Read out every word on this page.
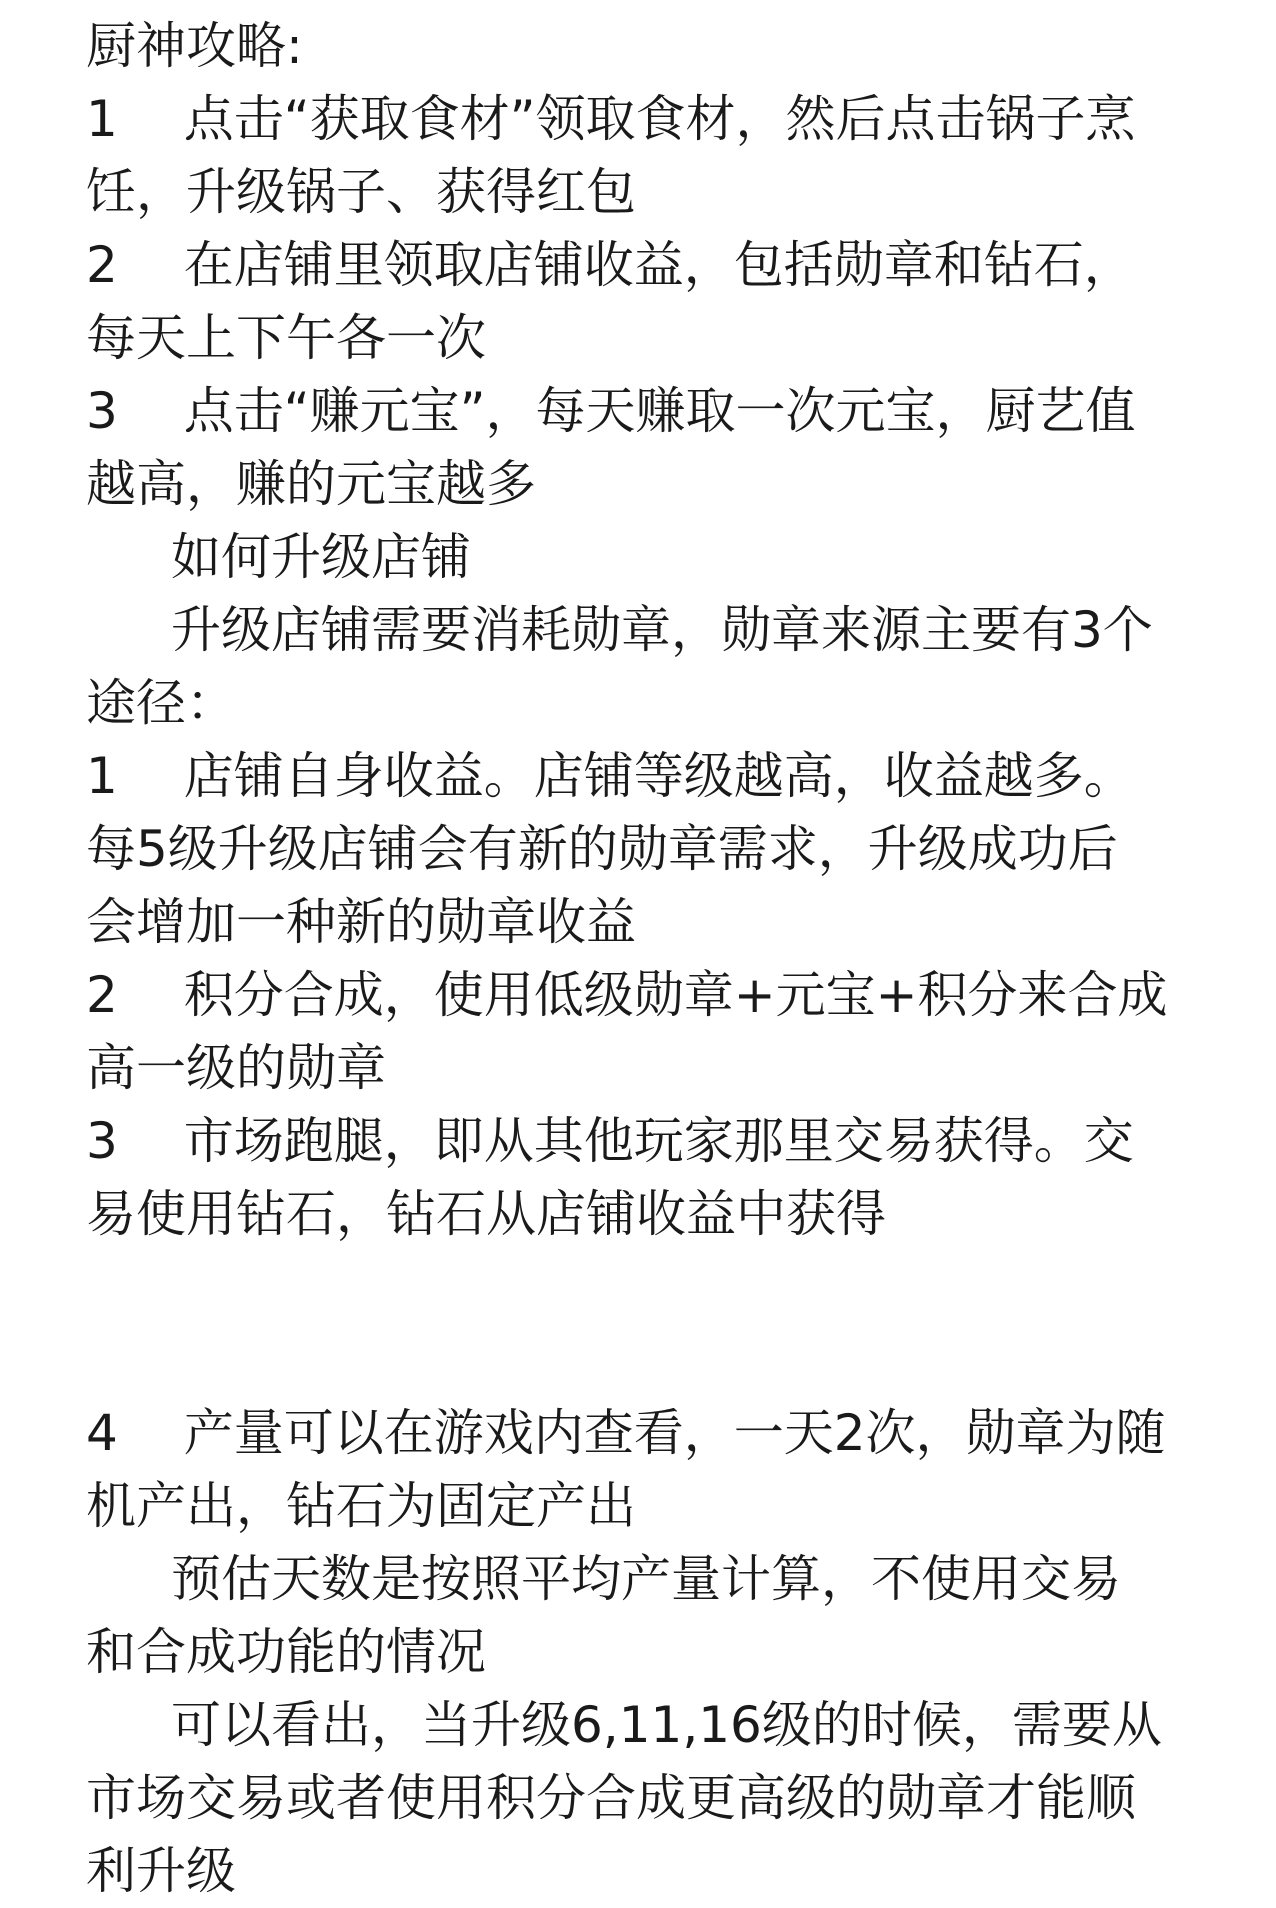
厨神攻略:
1　 点击“获取食材”领取食材，然后点击锅子烹
饪，升级锅子、获得红包
2　 在店铺里领取店铺收益，包括勋章和钻石，
每天上下午各一次
3　 点击“赚元宝”，每天赚取一次元宝，厨艺值
越高，赚的元宝越多
如何升级店铺
升级店铺需要消耗勋章，勋章来源主要有3个
途径：
1　 店铺自身收益。店铺等级越高，收益越多。
每5级升级店铺会有新的勋章需求，升级成功后
会增加一种新的勋章收益
2　 积分合成，使用低级勋章+元宝+积分来合成
高一级的勋章
3　 市场跑腿，即从其他玩家那里交易获得。交
易使用钻石，钻石从店铺收益中获得
4　 产量可以在游戏内查看，一天2次，勋章为随
机产出，钻石为固定产出
预估天数是按照平均产量计算，不使用交易
和合成功能的情况
可以看出，当升级6,11,16级的时候，需要从
市场交易或者使用积分合成更高级的勋章才能顺
利升级
